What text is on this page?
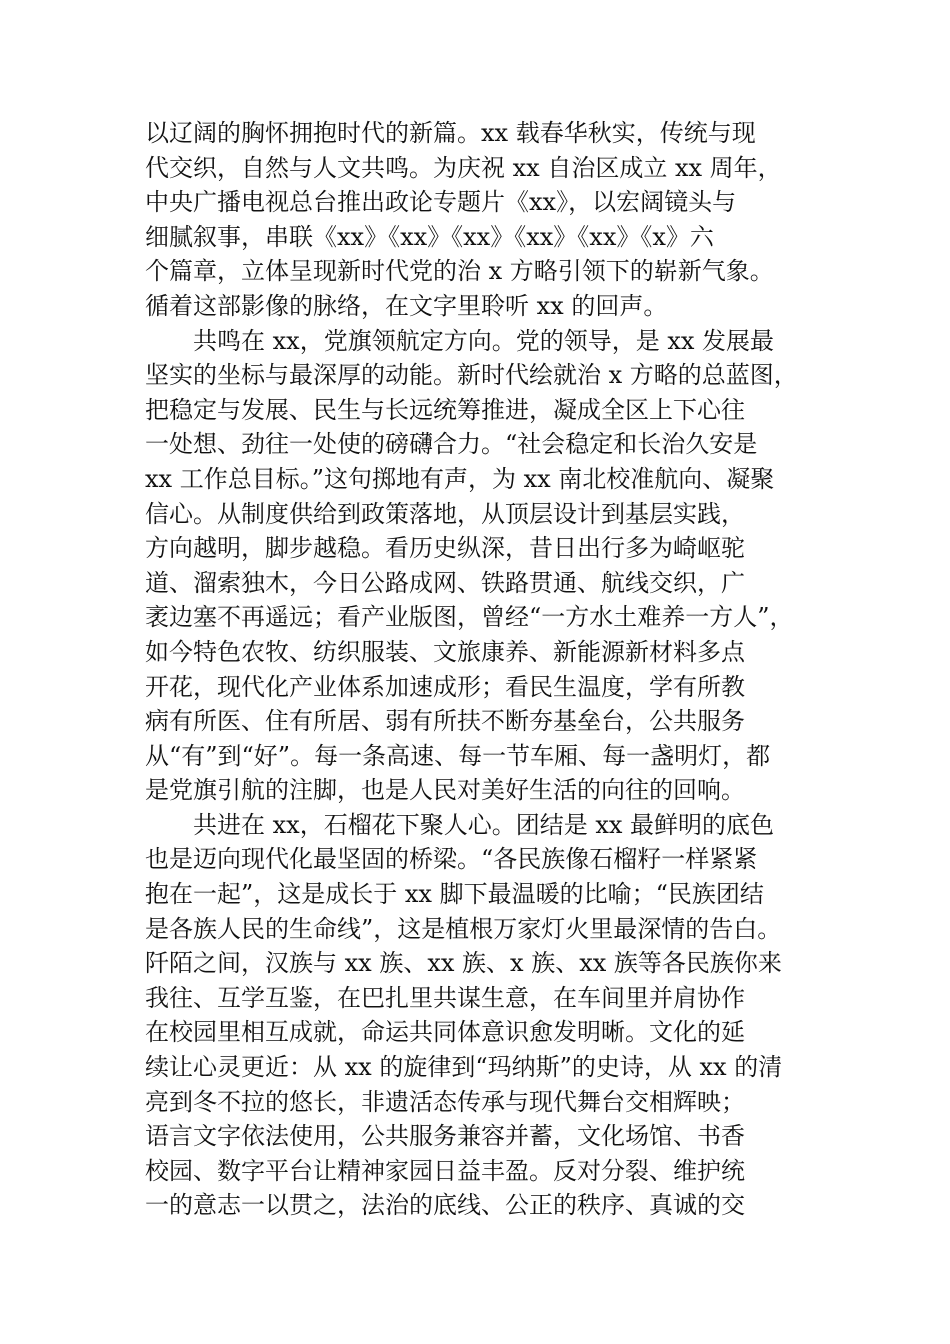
以辽阔的胸怀拥抱时代的新篇。xx 载春华秋实，传统与现
代交织，自然与人文共鸣。为庆祝 xx 自治区成立 xx 周年，
中央广播电视总台推出政论专题片《xx》，以宏阔镜头与
细腻叙事，串联《xx》《xx》《xx》《xx》《xx》《x》六
个篇章，立体呈现新时代党的治 x 方略引领下的崭新气象。
循着这部影像的脉络，在文字里聆听 xx 的回声。
　　共鸣在 xx，党旗领航定方向。党的领导，是 xx 发展最
坚实的坐标与最深厚的动能。新时代绘就治 x 方略的总蓝图，
把稳定与发展、民生与长远统筹推进，凝成全区上下心往
一处想、劲往一处使的磅礴合力。“社会稳定和长治久安是
xx 工作总目标。”这句掷地有声，为 xx 南北校准航向、凝聚
信心。从制度供给到政策落地，从顶层设计到基层实践，
方向越明，脚步越稳。看历史纵深，昔日出行多为崎岖驼
道、溜索独木，今日公路成网、铁路贯通、航线交织，广
袤边塞不再遥远；看产业版图，曾经“一方水土难养一方人”，
如今特色农牧、纺织服装、文旅康养、新能源新材料多点
开花，现代化产业体系加速成形；看民生温度，学有所教
病有所医、住有所居、弱有所扶不断夯基垒台，公共服务
从“有”到“好”。每一条高速、每一节车厢、每一盏明灯，都
是党旗引航的注脚，也是人民对美好生活的向往的回响。
　　共进在 xx，石榴花下聚人心。团结是 xx 最鲜明的底色
也是迈向现代化最坚固的桥梁。“各民族像石榴籽一样紧紧
抱在一起”，这是成长于 xx 脚下最温暖的比喻；“民族团结
是各族人民的生命线”，这是植根万家灯火里最深情的告白。
阡陌之间，汉族与 xx 族、xx 族、x 族、xx 族等各民族你来
我往、互学互鉴，在巴扎里共谋生意，在车间里并肩协作
在校园里相互成就，命运共同体意识愈发明晰。文化的延
续让心灵更近：从 xx 的旋律到“玛纳斯”的史诗，从 xx 的清
亮到冬不拉的悠长，非遗活态传承与现代舞台交相辉映；
语言文字依法使用，公共服务兼容并蓄，文化场馆、书香
校园、数字平台让精神家园日益丰盈。反对分裂、维护统
一的意志一以贯之，法治的底线、公正的秩序、真诚的交
